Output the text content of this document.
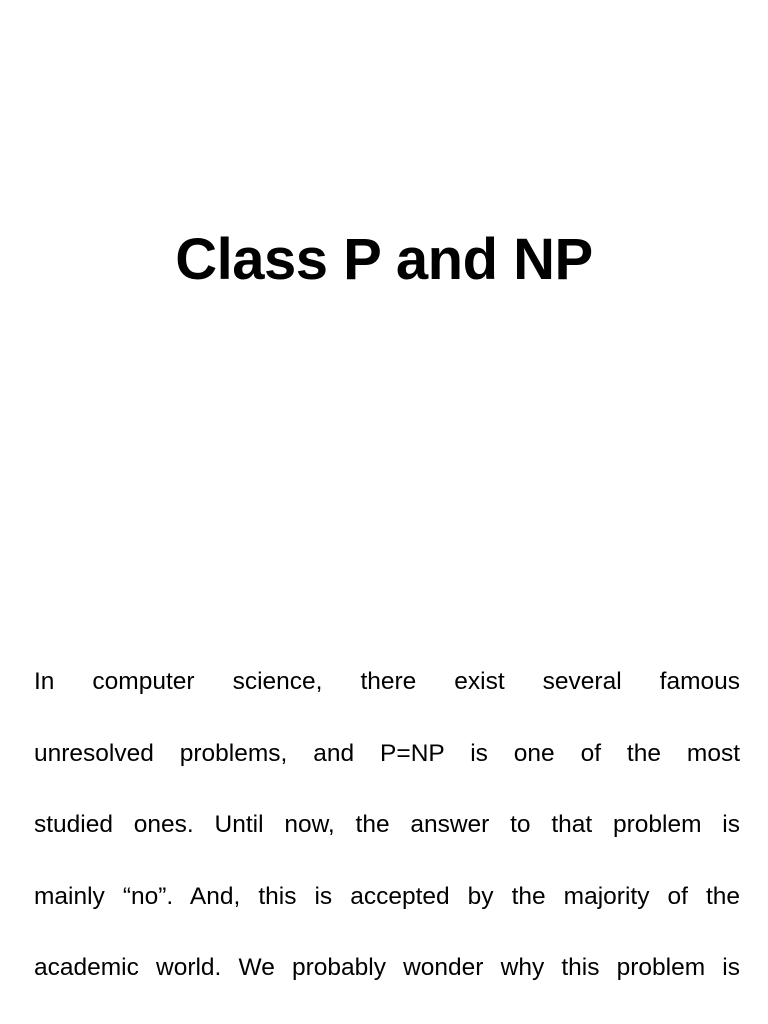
Class P and NP
In computer science, there exist several famous
unresolved problems, and P=NP is one of the most
studied ones. Until now, the answer to that problem is
mainly “no”. And, this is accepted by the majority of the
academic world. We probably wonder why this problem is
